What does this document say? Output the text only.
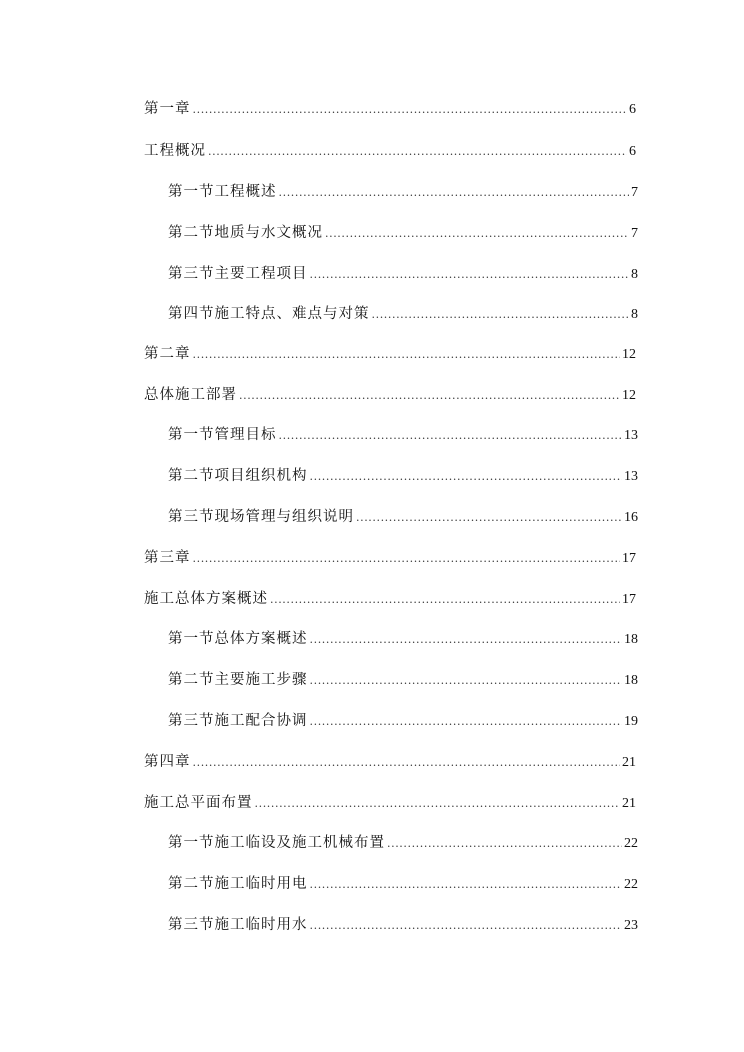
第一章 .....	6
工程概况 .....	6
第一节 工程概述 .....	7
第二节 地质与水文概况 .....	7
第三节 主要工程项目 .....	8
第四节 施工特点、难点与对策 .....	8
第二章 .....	12
总体施工部署 .....	12
第一节 管理目标 .....	13
第二节 项目组织机构 .....	13
第三节 现场管理与组织说明 .....	16
第三章 .....	17
施工总体方案概述 .....	17
第一节 总体方案概述 .....	18
第二节 主要施工步骤 .....	18
第三节 施工配合协调 .....	19
第四章 .....	21
施工总平面布置 .....	21
第一节 施工临设及施工机械布置 .....	22
第二节 施工临时用电 .....	22
第三节 施工临时用水 .....	23
